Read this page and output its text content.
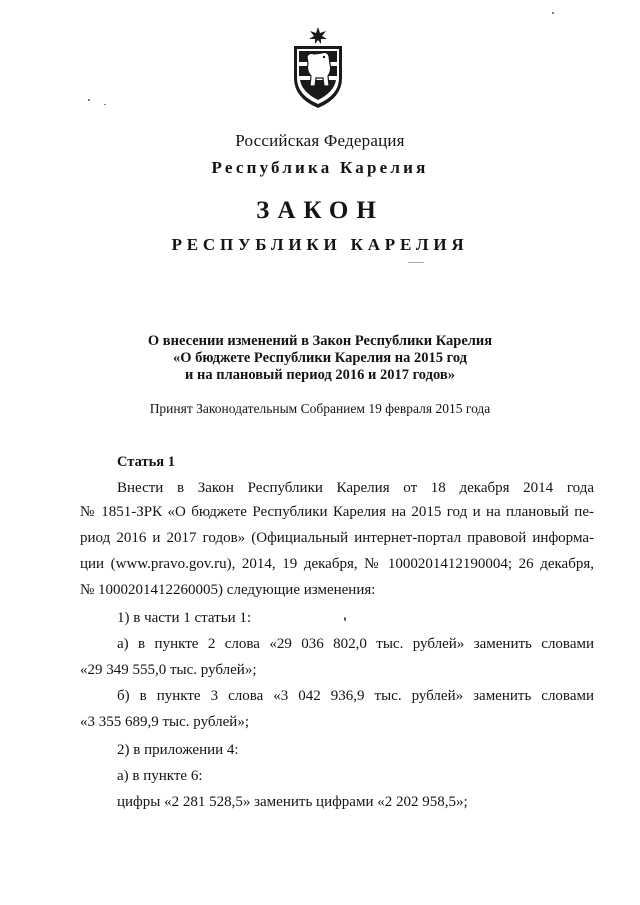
Российская Федерация
Республика Карелия
ЗАКОН
РЕСПУБЛИКИ КАРЕЛИЯ
О внесении изменений в Закон Республики Карелия
«О бюджете Республики Карелия на 2015 год
и на плановый период 2016 и 2017 годов»
Принят Законодательным Собранием 19 февраля 2015 года
Статья 1
Внести в Закон Республики Карелия от 18 декабря 2014 года
№ 1851-ЗРК «О бюджете Республики Карелия на 2015 год и на плановый пе-
риод 2016 и 2017 годов» (Официальный интернет-портал правовой информа-
ции (www.pravo.gov.ru), 2014, 19 декабря, № 1000201412190004; 26 декабря,
№ 1000201412260005) следующие изменения:
1) в части 1 статьи 1:
а) в пункте 2 слова «29 036 802,0 тыс. рублей» заменить словами
«29 349 555,0 тыс. рублей»;
б) в пункте 3 слова «3 042 936,9 тыс. рублей» заменить словами
«3 355 689,9 тыс. рублей»;
2) в приложении 4:
а) в пункте 6:
цифры «2 281 528,5» заменить цифрами «2 202 958,5»;
